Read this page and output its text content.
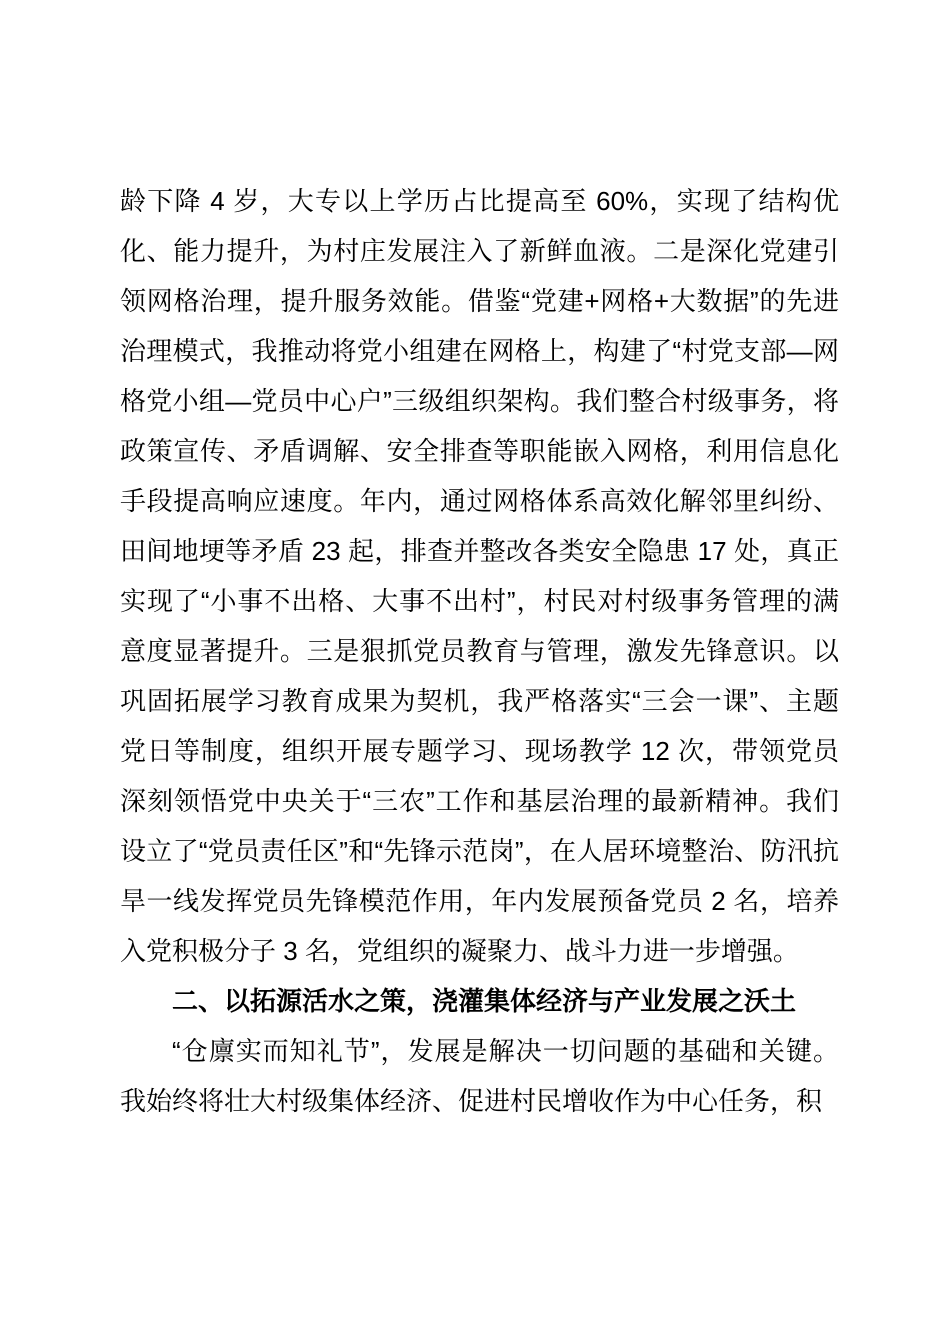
龄下降 4 岁，大专以上学历占比提高至 60%，实现了结构优化、能力提升，为村庄发展注入了新鲜血液。二是深化党建引领网格治理，提升服务效能。借鉴“党建+网格+大数据”的先进治理模式，我推动将党小组建在网格上，构建了“村党支部—网格党小组—党员中心户”三级组织架构。我们整合村级事务，将政策宣传、矛盾调解、安全排查等职能嵌入网格，利用信息化手段提高响应速度。年内，通过网格体系高效化解邻里纠纷、田间地埂等矛盾 23 起，排查并整改各类安全隐患 17 处，真正实现了“小事不出格、大事不出村”，村民对村级事务管理的满意度显著提升。三是狠抓党员教育与管理，激发先锋意识。以巩固拓展学习教育成果为契机，我严格落实“三会一课”、主题党日等制度，组织开展专题学习、现场教学 12 次，带领党员深刻领悟党中央关于“三农”工作和基层治理的最新精神。我们设立了“党员责任区”和“先锋示范岗”，在人居环境整治、防汛抗旱一线发挥党员先锋模范作用，年内发展预备党员 2 名，培养入党积极分子 3 名，党组织的凝聚力、战斗力进一步增强。

二、以拓源活水之策，浇灌集体经济与产业发展之沃土

“仓廪实而知礼节”，发展是解决一切问题的基础和关键。我始终将壮大村级集体经济、促进村民增收作为中心任务，积
